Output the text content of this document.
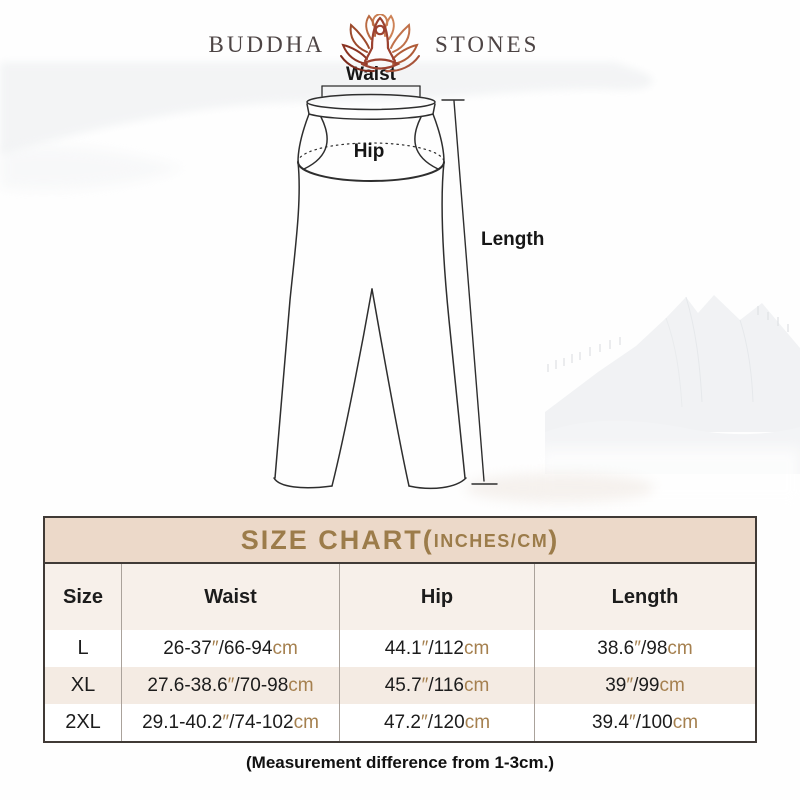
BUDDHA	STONES
Waist
Hip
Length
SIZE CHART( INCHES/CM )
Size	Waist	Hip	Length
L	26-37 ″ /66-94 cm	44.1 ″ /112 cm	38.6 ″ /98 cm
XL	27.6-38.6 ″ /70-98 cm	45.7 ″ /116 cm	39 ″ /99 cm
2XL	29.1-40.2 ″ /74-102 cm	47.2 ″ /120 cm	39.4 ″ /100 cm
(Measurement difference from 1-3cm.)
